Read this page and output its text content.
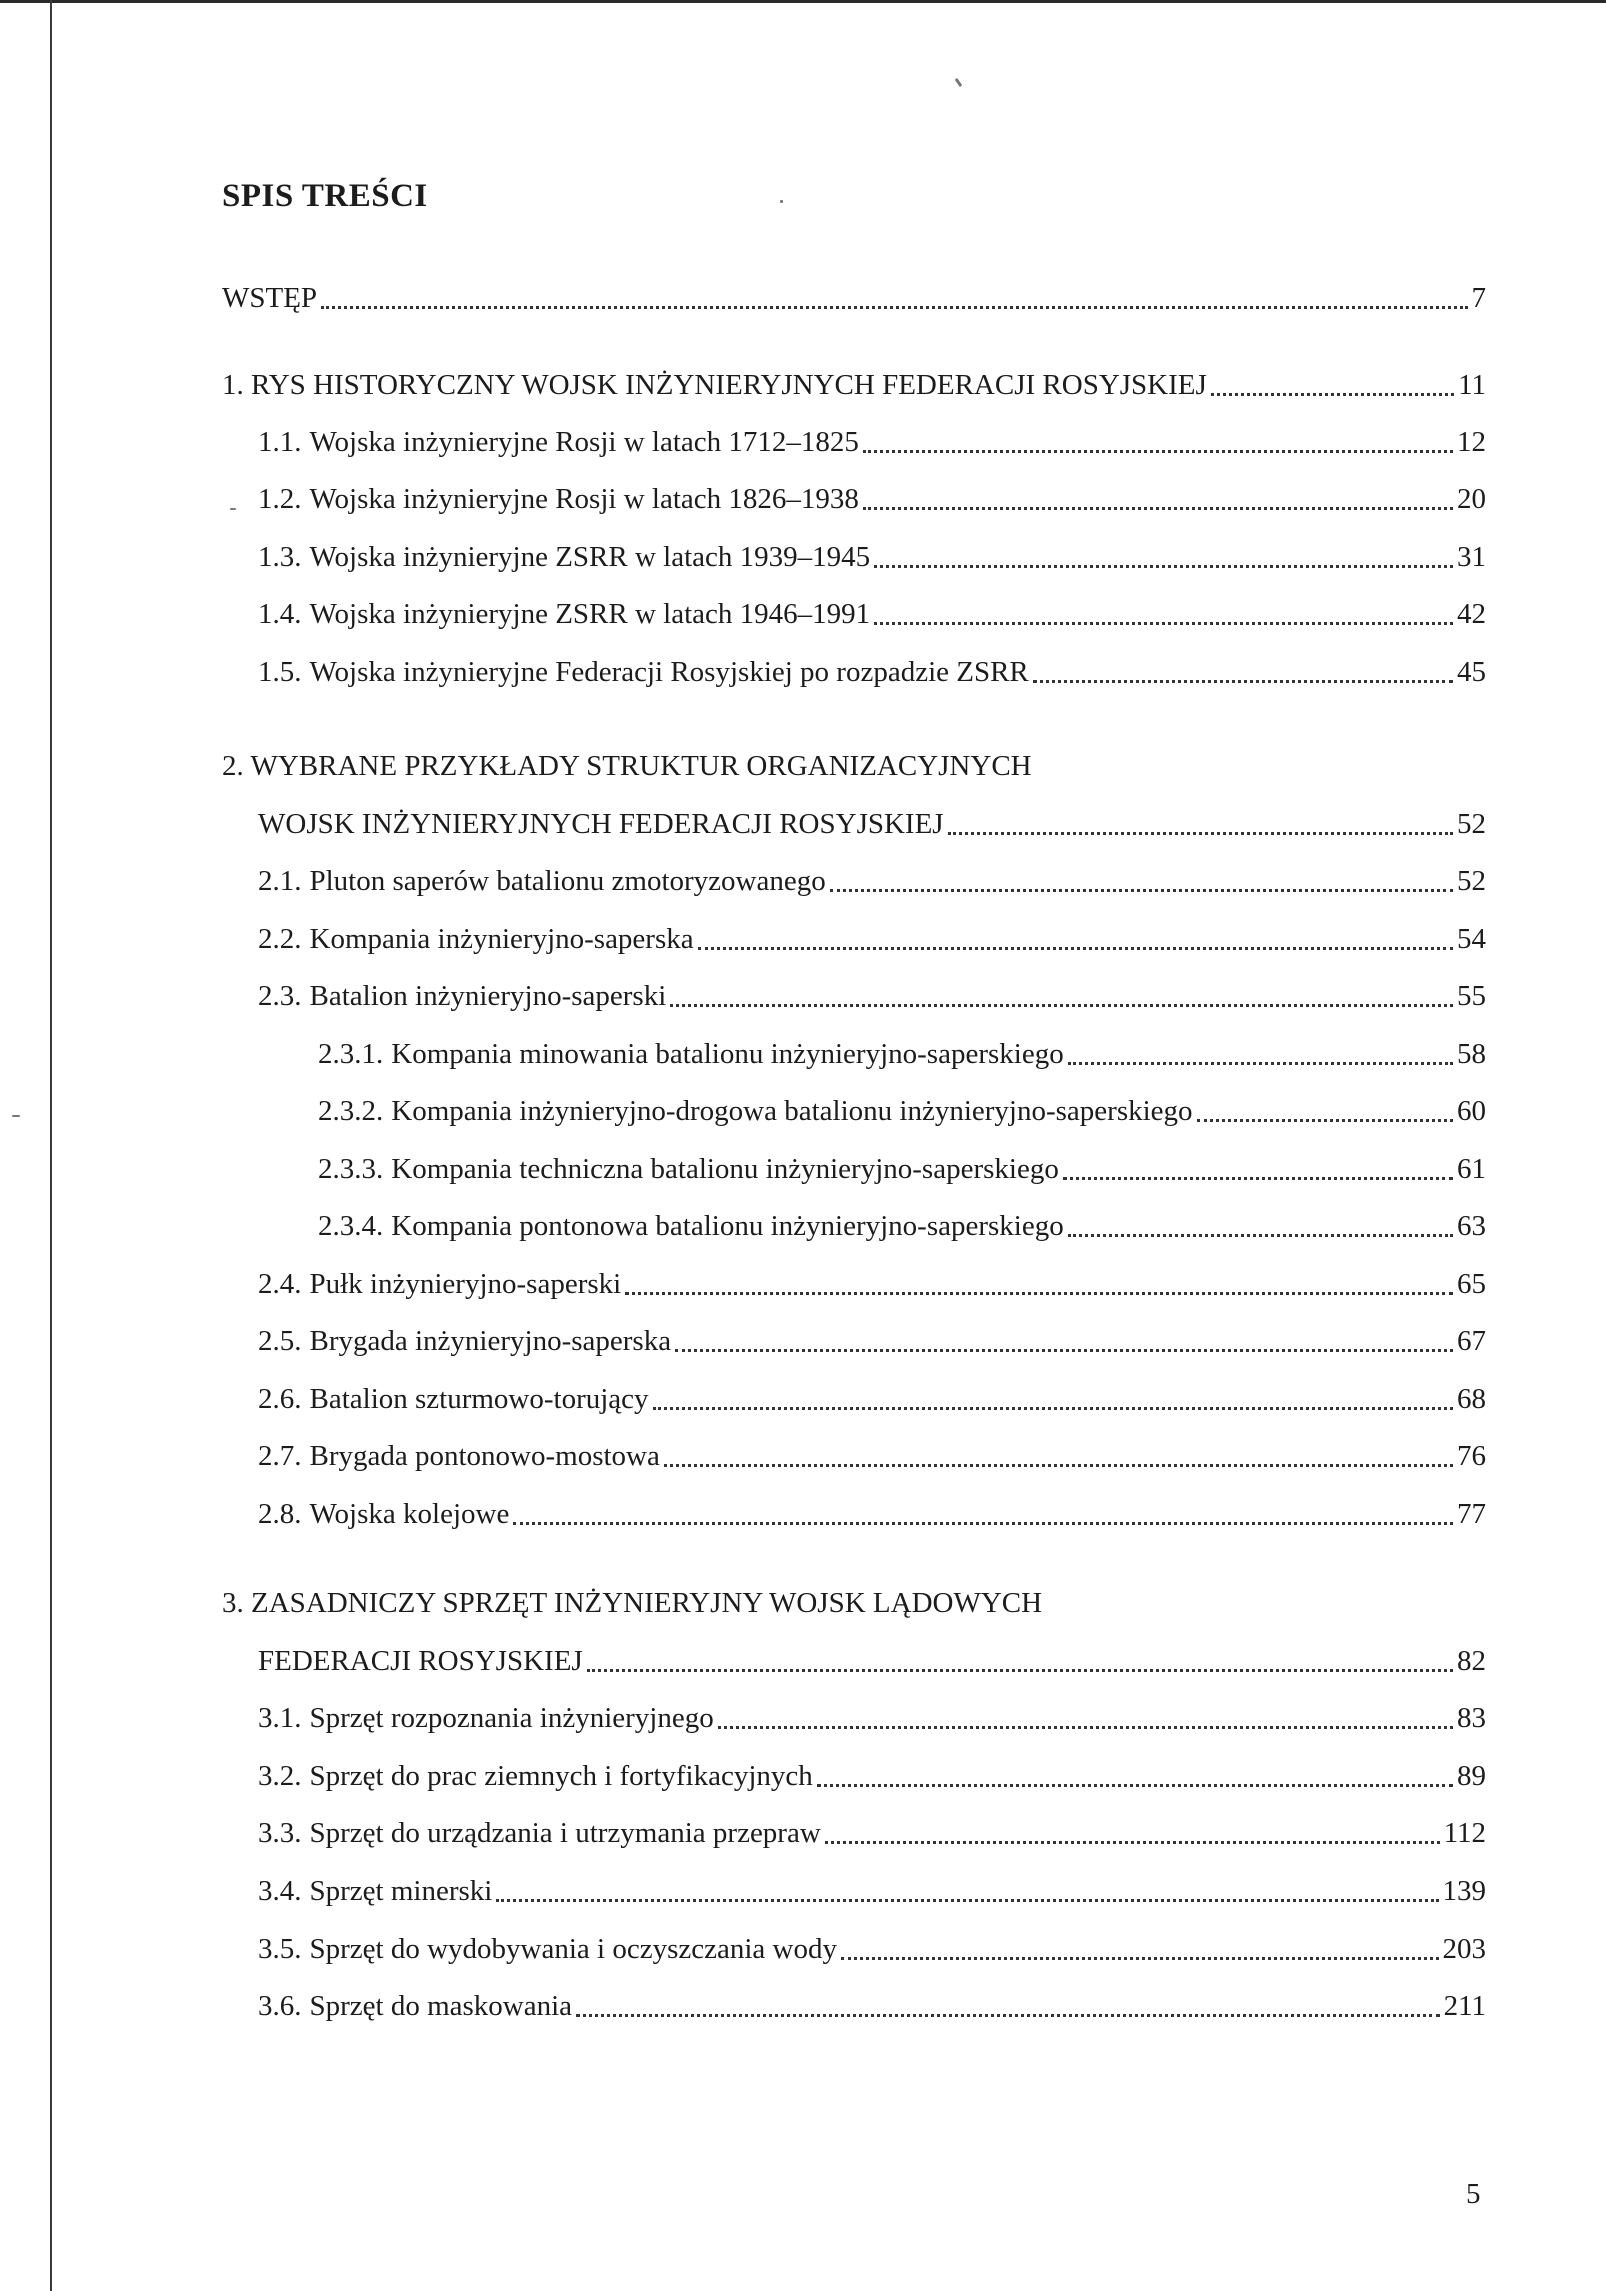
SPIS TREŚCI
WSTĘP	7
1. RYS HISTORYCZNY WOJSK INŻYNIERYJNYCH FEDERACJI ROSYJSKIEJ	11
1.1. Wojska inżynieryjne Rosji w latach 1712–1825	12
1.2. Wojska inżynieryjne Rosji w latach 1826–1938	20
1.3. Wojska inżynieryjne ZSRR w latach 1939–1945	31
1.4. Wojska inżynieryjne ZSRR w latach 1946–1991	42
1.5. Wojska inżynieryjne Federacji Rosyjskiej po rozpadzie ZSRR	45
2. WYBRANE PRZYKŁADY STRUKTUR ORGANIZACYJNYCH
WOJSK INŻYNIERYJNYCH FEDERACJI ROSYJSKIEJ	52
2.1. Pluton saperów batalionu zmotoryzowanego	52
2.2. Kompania inżynieryjno-saperska	54
2.3. Batalion inżynieryjno-saperski	55
2.3.1. Kompania minowania batalionu inżynieryjno-saperskiego	58
2.3.2. Kompania inżynieryjno-drogowa batalionu inżynieryjno-saperskiego	60
2.3.3. Kompania techniczna batalionu inżynieryjno-saperskiego	61
2.3.4. Kompania pontonowa batalionu inżynieryjno-saperskiego	63
2.4. Pułk inżynieryjno-saperski	65
2.5. Brygada inżynieryjno-saperska	67
2.6. Batalion szturmowo-torujący	68
2.7. Brygada pontonowo-mostowa	76
2.8. Wojska kolejowe	77
3. ZASADNICZY SPRZĘT INŻYNIERYJNY WOJSK LĄDOWYCH
FEDERACJI ROSYJSKIEJ	82
3.1. Sprzęt rozpoznania inżynieryjnego	83
3.2. Sprzęt do prac ziemnych i fortyfikacyjnych	89
3.3. Sprzęt do urządzania i utrzymania przepraw	112
3.4. Sprzęt minerski	139
3.5. Sprzęt do wydobywania i oczyszczania wody	203
3.6. Sprzęt do maskowania	211
5
